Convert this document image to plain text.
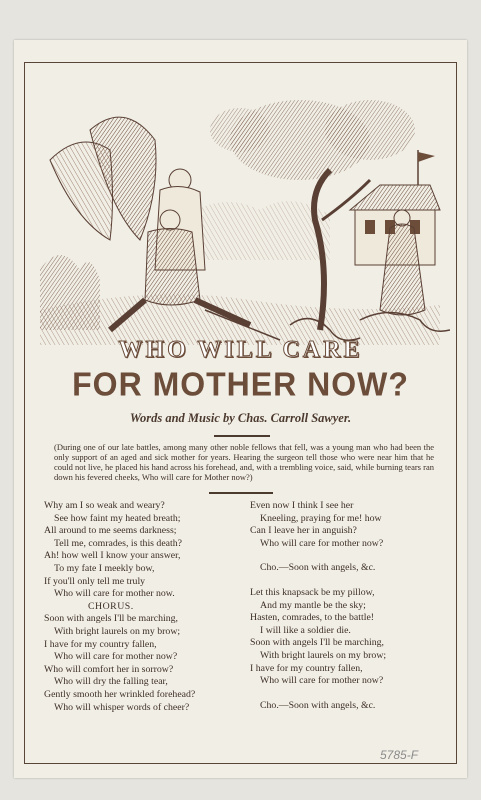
WHO WILL CARE
FOR MOTHER NOW?
Words and Music by Chas. Carroll Sawyer.
(During one of our late battles, among many other noble fellows that fell, was a young man who had been the only support of an aged and sick mother for years. Hearing the surgeon tell those who were near him that he could not live, he placed his hand across his forehead, and, with a trembling voice, said, while burning tears ran down his fevered cheeks, Who will care for Mother now?)
Why am I so weak and weary?
See how faint my heated breath;
All around to me seems darkness;
Tell me, comrades, is this death?
Ah! how well I know your answer,
To my fate I meekly bow,
If you'll only tell me truly
Who will care for mother now.
CHORUS.
Soon with angels I'll be marching,
With bright laurels on my brow;
I have for my country fallen,
Who will care for mother now?
Who will comfort her in sorrow?
Who will dry the falling tear,
Gently smooth her wrinkled forehead?
Who will whisper words of cheer?
Even now I think I see her
Kneeling, praying for me! how
Can I leave her in anguish?
Who will care for mother now?
Cho.—Soon with angels, &c.
Let this knapsack be my pillow,
And my mantle be the sky;
Hasten, comrades, to the battle!
I will like a soldier die.
Soon with angels I'll be marching,
With bright laurels on my brow;
I have for my country fallen,
Who will care for mother now?
Cho.—Soon with angels, &c.
5785-F
